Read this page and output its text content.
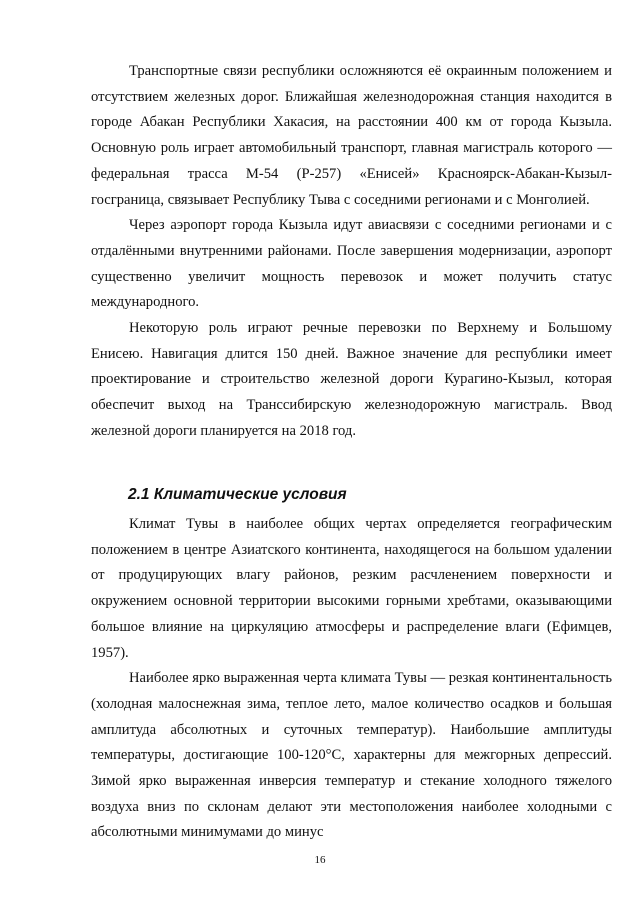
Транспортные связи республики осложняются её окраинным положением и отсутствием железных дорог. Ближайшая железнодорожная станция находится в городе Абакан Республики Хакасия, на расстоянии 400 км от города Кызыла. Основную роль играет автомобильный транспорт, главная магистраль которого — федеральная трасса М-54 (Р-257) «Енисей» Красноярск-Абакан-Кызыл-госграница, связывает Республику Тыва с соседними регионами и с Монголией.

Через аэропорт города Кызыла идут авиасвязи с соседними регионами и с отдалёнными внутренними районами. После завершения модернизации, аэропорт существенно увеличит мощность перевозок и может получить статус международного.

Некоторую роль играют речные перевозки по Верхнему и Большому Енисею. Навигация длится 150 дней. Важное значение для республики имеет проектирование и строительство железной дороги Курагино-Кызыл, которая обеспечит выход на Транссибирскую железнодорожную магистраль. Ввод железной дороги планируется на 2018 год.

2.1 Климатические условия

Климат Тувы в наиболее общих чертах определяется географическим положением в центре Азиатского континента, находящегося на большом удалении от продуцирующих влагу районов, резким расчленением поверхности и окружением основной территории высокими горными хребтами, оказывающими большое влияние на циркуляцию атмосферы и распределение влаги (Ефимцев, 1957).

Наиболее ярко выраженная черта климата Тувы — резкая континентальность (холодная малоснежная зима, теплое лето, малое количество осадков и большая амплитуда абсолютных и суточных температур). Наибольшие амплитуды температуры, достигающие 100-120°С, характерны для межгорных депрессий. Зимой ярко выраженная инверсия температур и стекание холодного тяжелого воздуха вниз по склонам делают эти местоположения наиболее холодными с абсолютными минимумами до минус

16
